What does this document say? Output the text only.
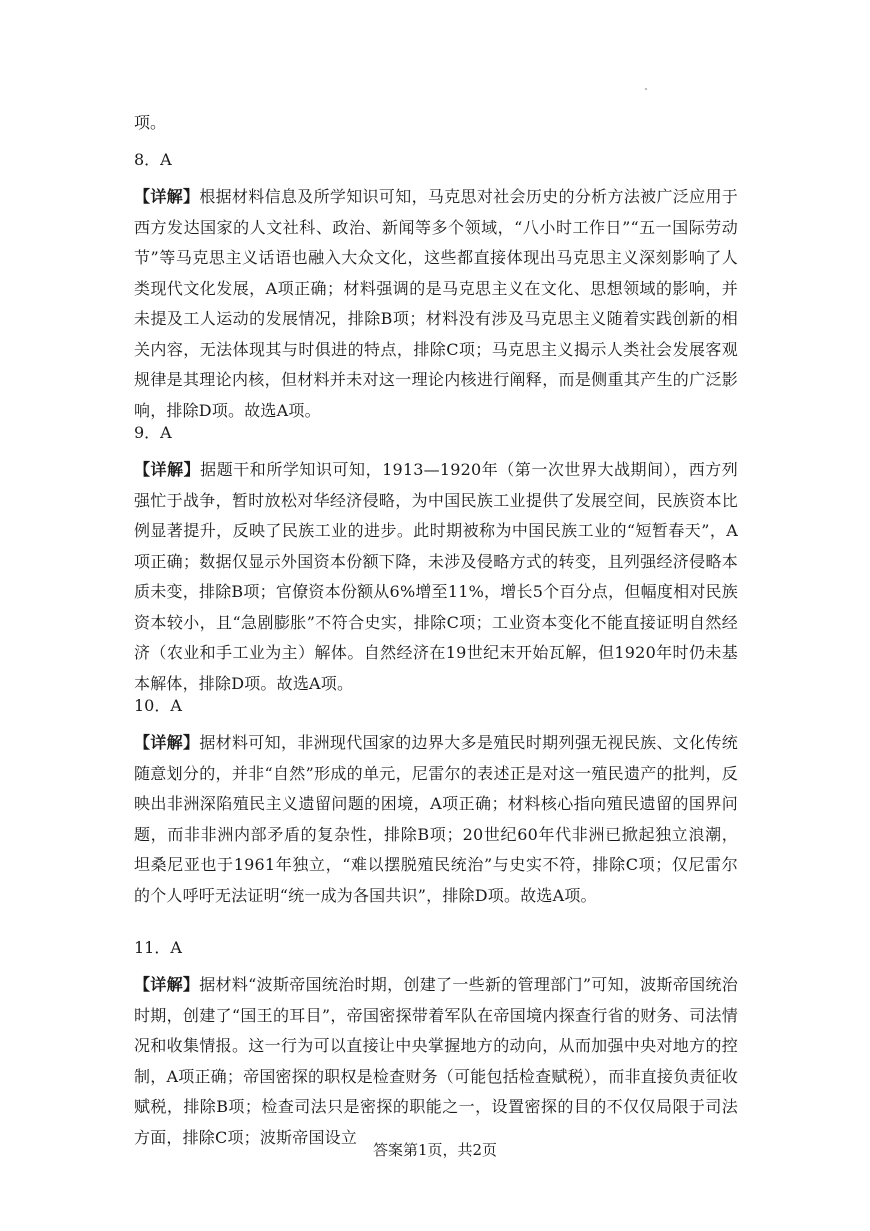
项。
8．A
【详解】根据材料信息及所学知识可知，马克思对社会历史的分析方法被广泛应用于西方发达国家的人文社科、政治、新闻等多个领域，“八小时工作日”“五一国际劳动节”等马克思主义话语也融入大众文化，这些都直接体现出马克思主义深刻影响了人类现代文化发展，A项正确；材料强调的是马克思主义在文化、思想领域的影响，并未提及工人运动的发展情况，排除B项；材料没有涉及马克思主义随着实践创新的相关内容，无法体现其与时俱进的特点，排除C项；马克思主义揭示人类社会发展客观规律是其理论内核，但材料并未对这一理论内核进行阐释，而是侧重其产生的广泛影响，排除D项。故选A项。
9．A
【详解】据题干和所学知识可知，1913—1920年（第一次世界大战期间），西方列强忙于战争，暂时放松对华经济侵略，为中国民族工业提供了发展空间，民族资本比例显著提升，反映了民族工业的进步。此时期被称为中国民族工业的“短暂春天”，A项正确；数据仅显示外国资本份额下降，未涉及侵略方式的转变，且列强经济侵略本质未变，排除B项；官僚资本份额从6%增至11%，增长5个百分点，但幅度相对民族资本较小，且“急剧膨胀”不符合史实，排除C项；工业资本变化不能直接证明自然经济（农业和手工业为主）解体。自然经济在19世纪末开始瓦解，但1920年时仍未基本解体，排除D项。故选A项。
10．A
【详解】据材料可知，非洲现代国家的边界大多是殖民时期列强无视民族、文化传统随意划分的，并非“自然”形成的单元，尼雷尔的表述正是对这一殖民遗产的批判，反映出非洲深陷殖民主义遗留问题的困境，A项正确；材料核心指向殖民遗留的国界问题，而非非洲内部矛盾的复杂性，排除B项；20世纪60年代非洲已掀起独立浪潮，坦桑尼亚也于1961年独立，“难以摆脱殖民统治”与史实不符，排除C项；仅尼雷尔的个人呼吁无法证明“统一成为各国共识”，排除D项。故选A项。
11．A
【详解】据材料“波斯帝国统治时期，创建了一些新的管理部门”可知，波斯帝国统治时期，创建了“国王的耳目”，帝国密探带着军队在帝国境内探查行省的财务、司法情况和收集情报。这一行为可以直接让中央掌握地方的动向，从而加强中央对地方的控制，A项正确；帝国密探的职权是检查财务（可能包括检查赋税），而非直接负责征收赋税，排除B项；检查司法只是密探的职能之一，设置密探的目的不仅仅局限于司法方面，排除C项；波斯帝国设立
答案第1页，共2页
